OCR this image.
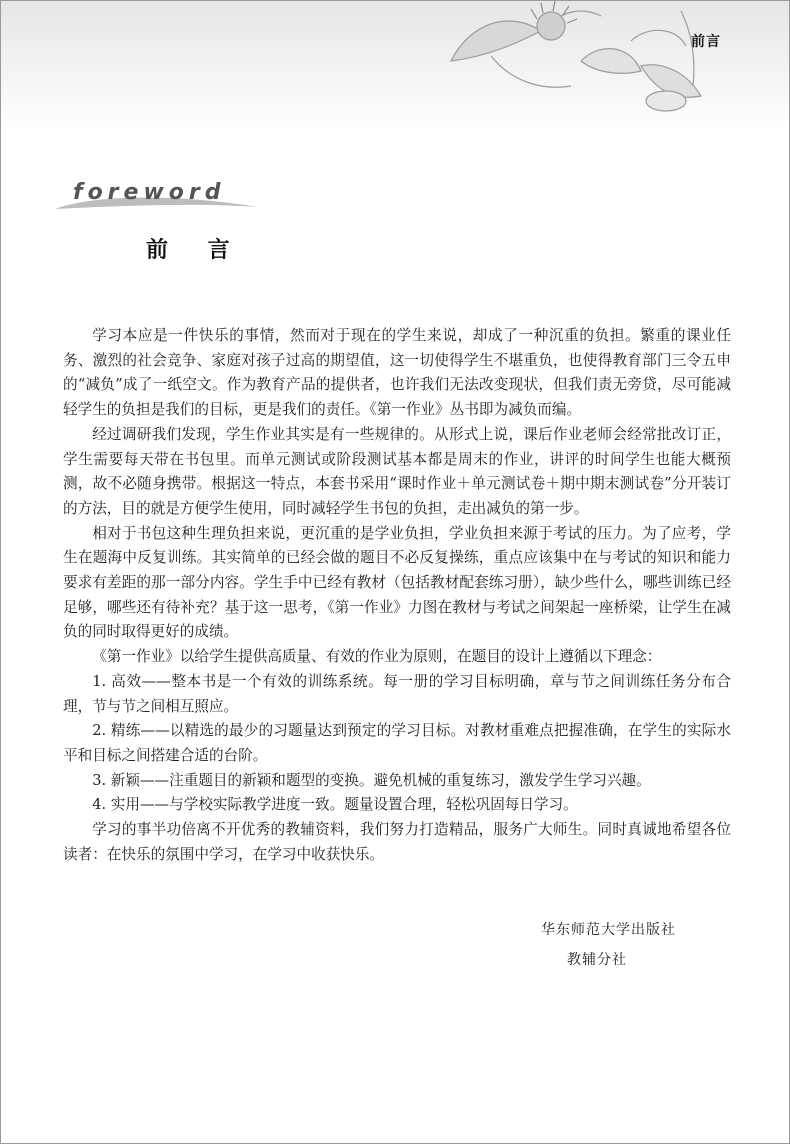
前言
foreword
前 言

学习本应是一件快乐的事情，然而对于现在的学生来说，却成了一种沉重的负担。繁重的课业任务、激烈的社会竞争、家庭对孩子过高的期望值，这一切使得学生不堪重负，也使得教育部门三令五申的“减负”成了一纸空文。作为教育产品的提供者，也许我们无法改变现状，但我们责无旁贷，尽可能减轻学生的负担是我们的目标，更是我们的责任。《第一作业》丛书即为减负而编。

经过调研我们发现，学生作业其实是有一些规律的。从形式上说，课后作业老师会经常批改订正，学生需要每天带在书包里。而单元测试或阶段测试基本都是周末的作业，讲评的时间学生也能大概预测，故不必随身携带。根据这一特点，本套书采用“课时作业＋单元测试卷＋期中期末测试卷”分开装订的方法，目的就是方便学生使用，同时减轻学生书包的负担，走出减负的第一步。

相对于书包这种生理负担来说，更沉重的是学业负担，学业负担来源于考试的压力。为了应考，学生在题海中反复训练。其实简单的已经会做的题目不必反复操练，重点应该集中在与考试的知识和能力要求有差距的那一部分内容。学生手中已经有教材（包括教材配套练习册），缺少些什么，哪些训练已经足够，哪些还有待补充？基于这一思考，《第一作业》力图在教材与考试之间架起一座桥梁，让学生在减负的同时取得更好的成绩。

《第一作业》以给学生提供高质量、有效的作业为原则，在题目的设计上遵循以下理念：

1. 高效——整本书是一个有效的训练系统。每一册的学习目标明确，章与节之间训练任务分布合理，节与节之间相互照应。

2. 精练——以精选的最少的习题量达到预定的学习目标。对教材重难点把握准确，在学生的实际水平和目标之间搭建合适的台阶。

3. 新颖——注重题目的新颖和题型的变换。避免机械的重复练习，激发学生学习兴趣。

4. 实用——与学校实际教学进度一致。题量设置合理，轻松巩固每日学习。

学习的事半功倍离不开优秀的教辅资料，我们努力打造精品，服务广大师生。同时真诚地希望各位读者：在快乐的氛围中学习，在学习中收获快乐。

华东师范大学出版社
教辅分社
